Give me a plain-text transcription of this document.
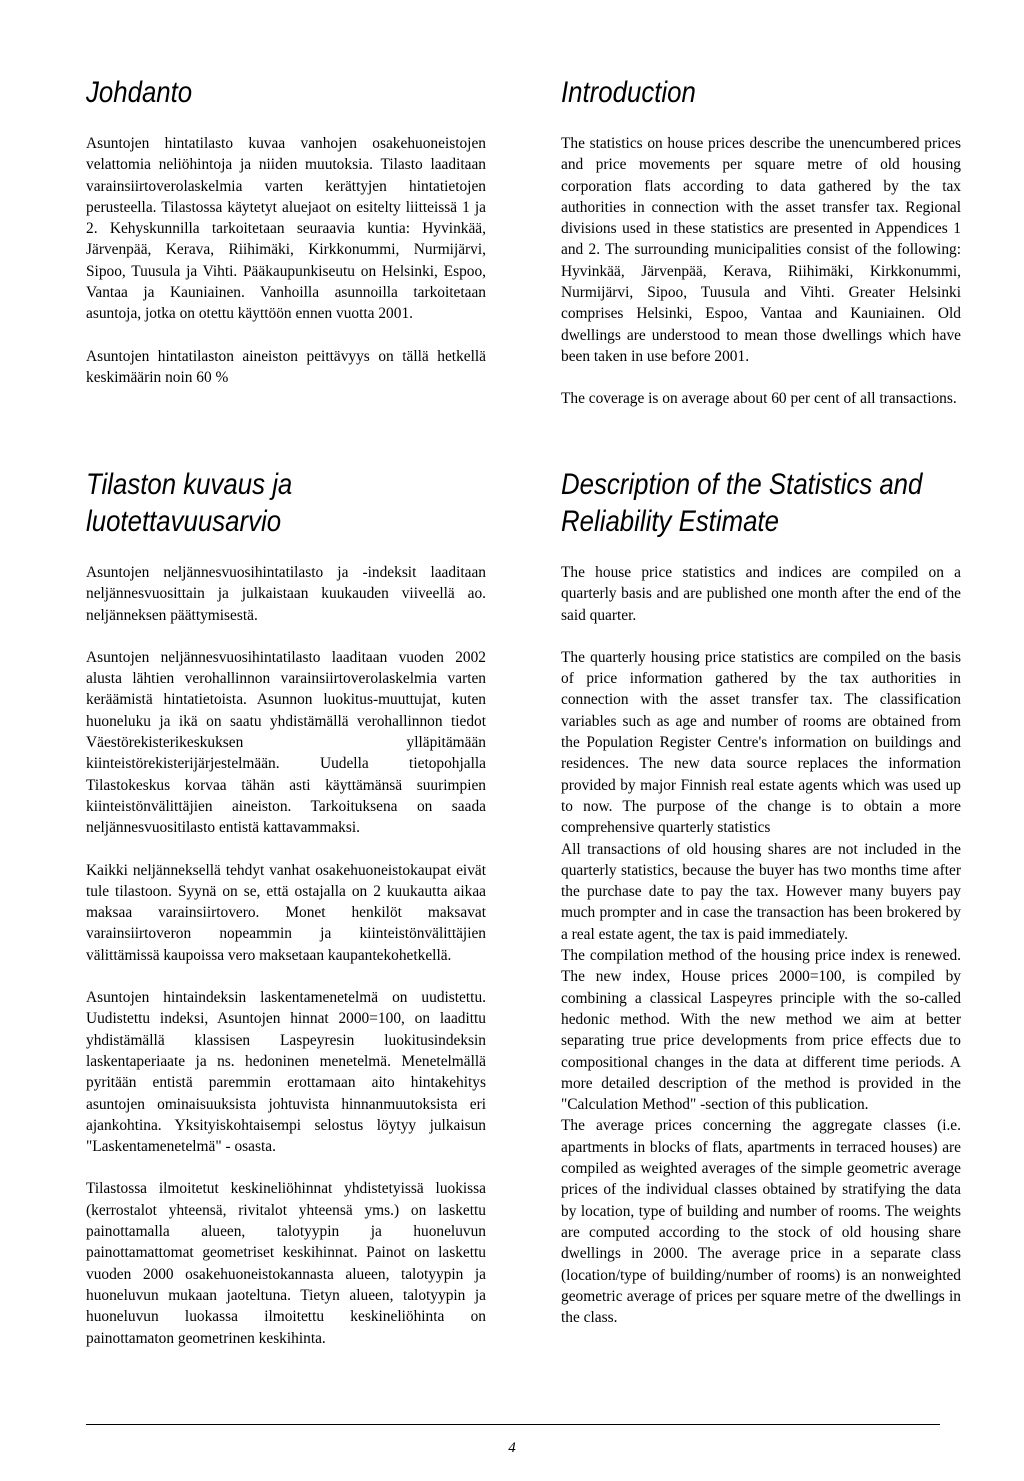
Johdanto

Asuntojen hintatilasto kuvaa vanhojen osakehuoneistojen velattomia neliöhintoja ja niiden muutoksia. Tilasto laaditaan varainsiirtoverolaskelmia varten kerättyjen hintatietojen perusteella. Tilastossa käytetyt aluejaot on esitelty liitteissä 1 ja 2. Kehyskunnilla tarkoitetaan seuraavia kuntia: Hyvinkää, Järvenpää, Kerava, Riihimäki, Kirkkonummi, Nurmijärvi, Sipoo, Tuusula ja Vihti. Pääkaupunkiseutu on Helsinki, Espoo, Vantaa ja Kauniainen. Vanhoilla asunnoilla tarkoitetaan asuntoja, jotka on otettu käyttöön ennen vuotta 2001.

Asuntojen hintatilaston aineiston peittävyys on tällä hetkellä keskimäärin noin 60 %

Tilaston kuvaus ja
luotettavuusarvio

Asuntojen neljännesvuosihintatilasto ja -indeksit laaditaan neljännesvuosittain ja julkaistaan kuukauden viiveellä ao. neljänneksen päättymisestä.

Asuntojen neljännesvuosihintatilasto laaditaan vuoden 2002 alusta lähtien verohallinnon varainsiirtoverolaskelmia varten keräämistä hintatietoista. Asunnon luokitus-muuttujat, kuten huoneluku ja ikä on saatu yhdistämällä verohallinnon tiedot Väestörekisterikeskuksen ylläpitämään kiinteistörekisterijärjestelmään. Uudella tietopohjalla Tilastokeskus korvaa tähän asti käyttämänsä suurimpien kiinteistönvälittäjien aineiston. Tarkoituksena on saada neljännesvuositilasto entistä kattavammaksi.

Kaikki neljänneksellä tehdyt vanhat osakehuoneistokaupat eivät tule tilastoon. Syynä on se, että ostajalla on 2 kuukautta aikaa maksaa varainsiirtovero. Monet henkilöt maksavat varainsiirtoveron nopeammin ja kiinteistönvälittäjien välittämissä kaupoissa vero maksetaan kaupantekohetkellä.

Asuntojen hintaindeksin laskentamenetelmä on uudistettu. Uudistettu indeksi, Asuntojen hinnat 2000=100, on laadittu yhdistämällä klassisen Laspeyresin luokitusindeksin laskentaperiaate ja ns. hedoninen menetelmä. Menetelmällä pyritään entistä paremmin erottamaan aito hintakehitys asuntojen ominaisuuksista johtuvista hinnanmuutoksista eri ajankohtina. Yksityiskohtaisempi selostus löytyy julkaisun "Laskentamenetelmä" - osasta.

Tilastossa ilmoitetut keskineliöhinnat yhdistetyissä luokissa (kerrostalot yhteensä, rivitalot yhteensä yms.) on laskettu painottamalla alueen, talotyypin ja huoneluvun painottamattomat geometriset keskihinnat. Painot on laskettu vuoden 2000 osakehuoneistokannasta alueen, talotyypin ja huoneluvun mukaan jaoteltuna. Tietyn alueen, talotyypin ja huoneluvun luokassa ilmoitettu keskineliöhinta on painottamaton geometrinen keskihinta.

Introduction

The statistics on house prices describe the unencumbered prices and price movements per square metre of old housing corporation flats according to data gathered by the tax authorities in connection with the asset transfer tax. Regional divisions used in these statistics are presented in Appendices 1 and 2. The surrounding municipalities consist of the following: Hyvinkää, Järvenpää, Kerava, Riihimäki, Kirkkonummi, Nurmijärvi, Sipoo, Tuusula and Vihti. Greater Helsinki comprises Helsinki, Espoo, Vantaa and Kauniainen. Old dwellings are understood to mean those dwellings which have been taken in use before 2001.

The coverage is on average about 60 per cent of all transactions.

Description of the Statistics and
Reliability Estimate

The house price statistics and indices are compiled on a quarterly basis and are published one month after the end of the said quarter.

The quarterly housing price statistics are compiled on the basis of price information gathered by the tax authorities in connection with the asset transfer tax. The classification variables such as age and number of rooms are obtained from the Population Register Centre's information on buildings and residences. The new data source replaces the information provided by major Finnish real estate agents which was used up to now. The purpose of the change is to obtain a more comprehensive quarterly statistics

All transactions of old housing shares are not included in the quarterly statistics, because the buyer has two months time after the purchase date to pay the tax. However many buyers pay much prompter and in case the transaction has been brokered by a real estate agent, the tax is paid immediately.

The compilation method of the housing price index is renewed. The new index, House prices 2000=100, is compiled by combining a classical Laspeyres principle with the so-called hedonic method. With the new method we aim at better separating true price developments from price effects due to compositional changes in the data at different time periods. A more detailed description of the method is provided in the "Calculation Method" -section of this publication.

The average prices concerning the aggregate classes (i.e. apartments in blocks of flats, apartments in terraced houses) are compiled as weighted averages of the simple geometric average prices of the individual classes obtained by stratifying the data by location, type of building and number of rooms. The weights are computed according to the stock of old housing share dwellings in 2000. The average price in a separate class (location/type of building/number of rooms) is an nonweighted geometric average of prices per square metre of the dwellings in the class.

4
